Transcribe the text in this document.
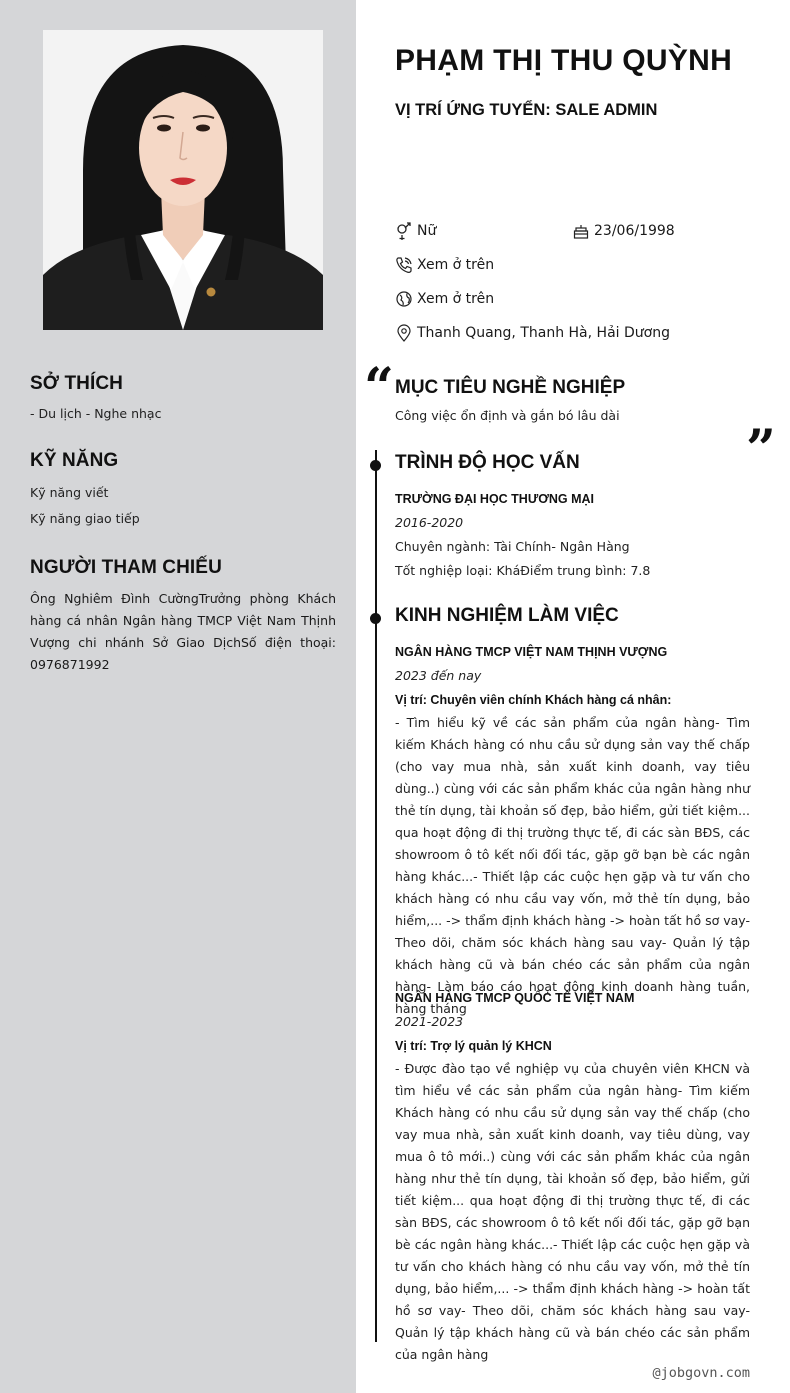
SỞ THÍCH
- Du lịch - Nghe nhạc
KỸ NĂNG
Kỹ năng viết
Kỹ năng giao tiếp
NGƯỜI THAM CHIẾU
Ông Nghiêm Đình CườngTrưởng phòng Khách hàng cá nhân Ngân hàng TMCP Việt Nam Thịnh Vượng chi nhánh Sở Giao DịchSố điện thoại: 0976871992
PHẠM THỊ THU QUỲNH
VỊ TRÍ ỨNG TUYỂN: SALE ADMIN
Nữ	23/06/1998
Xem ở trên
Xem ở trên
Thanh Quang, Thanh Hà, Hải Dương
“ MỤC TIÊU NGHỀ NGHIỆP
Công việc ổn định và gắn bó lâu dài
”
TRÌNH ĐỘ HỌC VẤN
TRƯỜNG ĐẠI HỌC THƯƠNG MẠI
2016-2020
Chuyên ngành: Tài Chính- Ngân Hàng
Tốt nghiệp loại: KháĐiểm trung bình: 7.8
KINH NGHIỆM LÀM VIỆC
NGÂN HÀNG TMCP VIỆT NAM THỊNH VƯỢNG
2023 đến nay
Vị trí: Chuyên viên chính Khách hàng cá nhân:
- Tìm hiểu kỹ về các sản phẩm của ngân hàng- Tìm kiếm Khách hàng có nhu cầu sử dụng sản vay thế chấp (cho vay mua nhà, sản xuất kinh doanh, vay tiêu dùng..) cùng với các sản phẩm khác của ngân hàng như thẻ tín dụng, tài khoản số đẹp, bảo hiểm, gửi tiết kiệm... qua hoạt động đi thị trường thực tế, đi các sàn BĐS, các showroom ô tô kết nối đối tác, gặp gỡ bạn bè các ngân hàng khác...- Thiết lập các cuộc hẹn gặp và tư vấn cho khách hàng có nhu cầu vay vốn, mở thẻ tín dụng, bảo hiểm,... -> thẩm định khách hàng -> hoàn tất hồ sơ vay- Theo dõi, chăm sóc khách hàng sau vay- Quản lý tập khách hàng cũ và bán chéo các sản phẩm của ngân hàng- Làm báo cáo hoạt động kinh doanh hàng tuần, hàng tháng
NGÂN HÀNG TMCP QUỐC TẾ VIỆT NAM
2021-2023
Vị trí: Trợ lý quản lý KHCN
- Được đào tạo về nghiệp vụ của chuyên viên KHCN và tìm hiểu về các sản phẩm của ngân hàng- Tìm kiếm Khách hàng có nhu cầu sử dụng sản vay thế chấp (cho vay mua nhà, sản xuất kinh doanh, vay tiêu dùng, vay mua ô tô mới..) cùng với các sản phẩm khác của ngân hàng như thẻ tín dụng, tài khoản số đẹp, bảo hiểm, gửi tiết kiệm... qua hoạt động đi thị trường thực tế, đi các sàn BĐS, các showroom ô tô kết nối đối tác, gặp gỡ bạn bè các ngân hàng khác...- Thiết lập các cuộc hẹn gặp và tư vấn cho khách hàng có nhu cầu vay vốn, mở thẻ tín dụng, bảo hiểm,... -> thẩm định khách hàng -> hoàn tất hồ sơ vay- Theo dõi, chăm sóc khách hàng sau vay- Quản lý tập khách hàng cũ và bán chéo các sản phẩm của ngân hàng
@jobgovn.com
